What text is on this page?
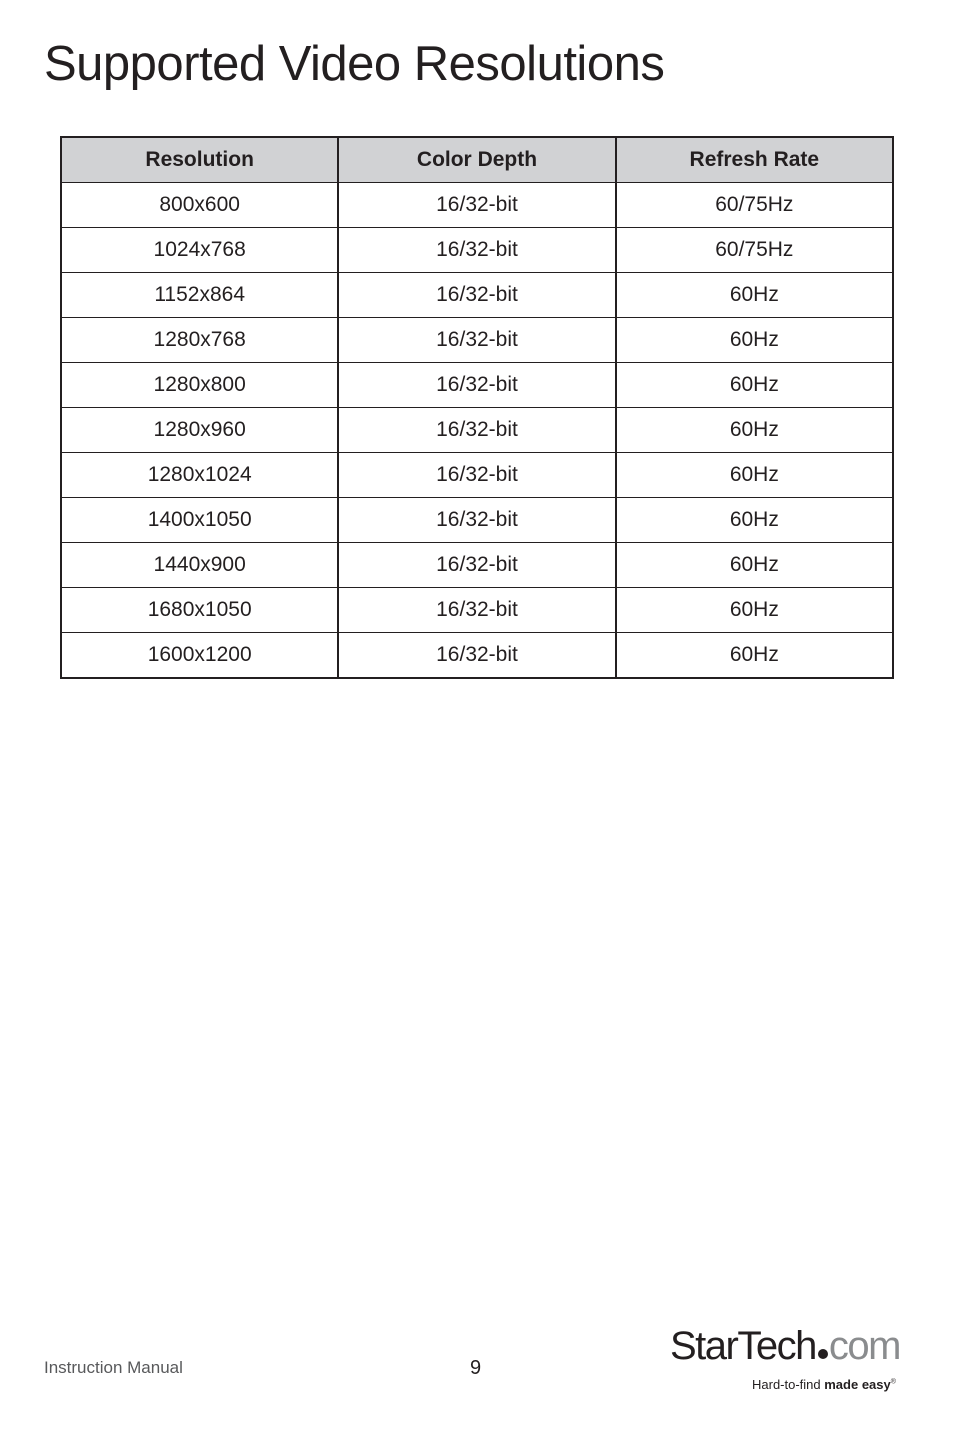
Supported Video Resolutions
Resolution	Color Depth	Refresh Rate
800x600	16/32-bit	60/75Hz
1024x768	16/32-bit	60/75Hz
1152x864	16/32-bit	60Hz
1280x768	16/32-bit	60Hz
1280x800	16/32-bit	60Hz
1280x960	16/32-bit	60Hz
1280x1024	16/32-bit	60Hz
1400x1050	16/32-bit	60Hz
1440x900	16/32-bit	60Hz
1680x1050	16/32-bit	60Hz
1600x1200	16/32-bit	60Hz
Instruction Manual	9	StarTech com
Hard-to-find made easy®
